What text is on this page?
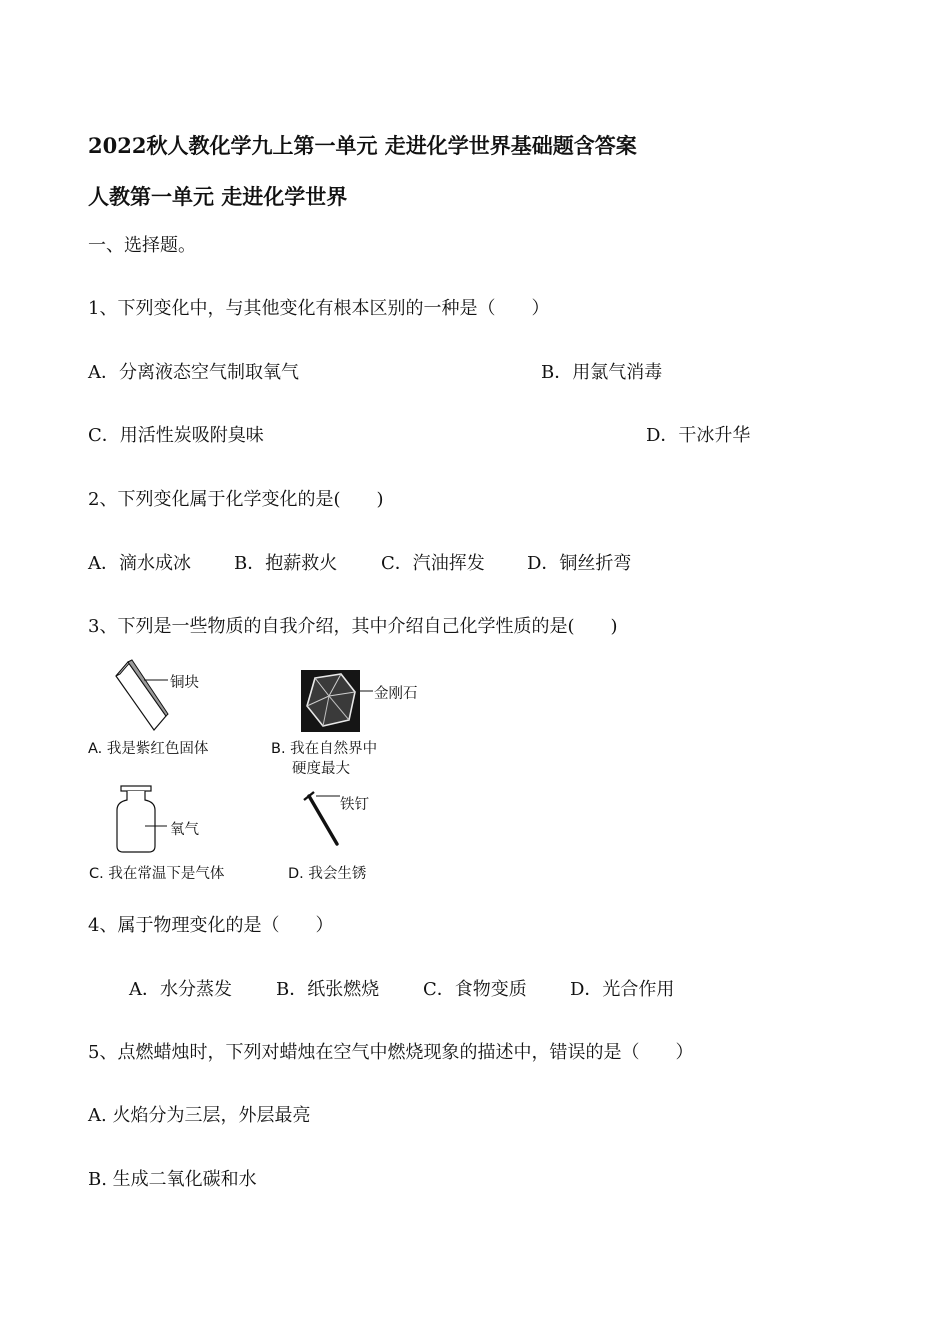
2022秋人教化学九上第一单元 走进化学世界基础题含答案
人教第一单元 走进化学世界
一、选择题。
1、下列变化中，与其他变化有根本区别的一种是（　　）
A．分离液态空气制取氧气	B．用氯气消毒
C．用活性炭吸附臭味	D．干冰升华
2、下列变化属于化学变化的是(　　)
A．滴水成冰 B．抱薪救火 C．汽油挥发 D．铜丝折弯
3、下列是一些物质的自我介绍，其中介绍自己化学性质的是(　　)
铜块
A. 我是紫红色固体
金刚石
B. 我在自然界中
硬度最大
氧气
C. 我在常温下是气体
铁钉
D. 我会生锈
4、属于物理变化的是（　　）
A．水分蒸发 B．纸张燃烧 C．食物变质 D．光合作用
5、点燃蜡烛时，下列对蜡烛在空气中燃烧现象的描述中，错误的是（　　）
A. 火焰分为三层，外层最亮
B. 生成二氧化碳和水
